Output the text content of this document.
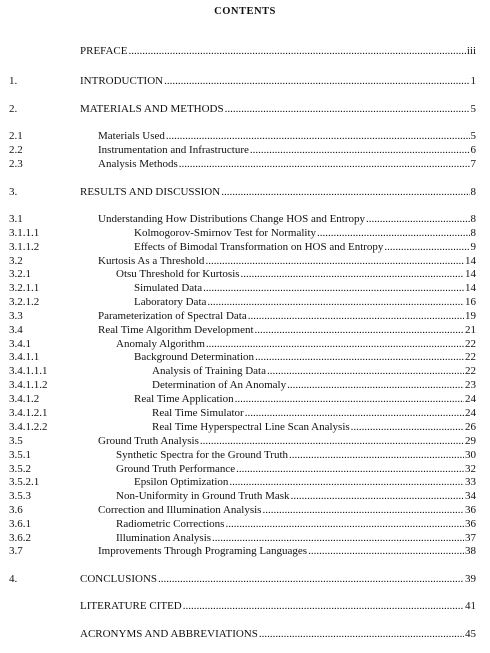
CONTENTS
PREFACE .....	iii
1.	INTRODUCTION .....	1
2.	MATERIALS AND METHODS .....	5
2.1	Materials Used .....	5
2.2	Instrumentation and Infrastructure .....	6
2.3	Analysis Methods .....	7
3.	RESULTS AND DISCUSSION .....	8
3.1	Understanding How Distributions Change HOS and Entropy .....	8
3.1.1.1	Kolmogorov-Smirnov Test for Normality .....	8
3.1.1.2	Effects of Bimodal Transformation on HOS and Entropy .....	9
3.2	Kurtosis As a Threshold .....	14
3.2.1	Otsu Threshold for Kurtosis .....	14
3.2.1.1	Simulated Data .....	14
3.2.1.2	Laboratory Data .....	16
3.3	Parameterization of Spectral Data .....	19
3.4	Real Time Algorithm Development .....	21
3.4.1	Anomaly Algorithm .....	22
3.4.1.1	Background Determination .....	22
3.4.1.1.1	Analysis of Training Data .....	22
3.4.1.1.2	Determination of An Anomaly .....	23
3.4.1.2	Real Time Application .....	24
3.4.1.2.1	Real Time Simulator .....	24
3.4.1.2.2	Real Time Hyperspectral Line Scan Analysis .....	26
3.5	Ground Truth Analysis .....	29
3.5.1	Synthetic Spectra for the Ground Truth .....	30
3.5.2	Ground Truth Performance .....	32
3.5.2.1	Epsilon Optimization .....	33
3.5.3	Non-Uniformity in Ground Truth Mask .....	34
3.6	Correction and Illumination Analysis .....	36
3.6.1	Radiometric Corrections .....	36
3.6.2	Illumination Analysis .....	37
3.7	Improvements Through Programing Languages .....	38
4.	CONCLUSIONS .....	39
LITERATURE CITED .....	41
ACRONYMS AND ABBREVIATIONS .....	45
